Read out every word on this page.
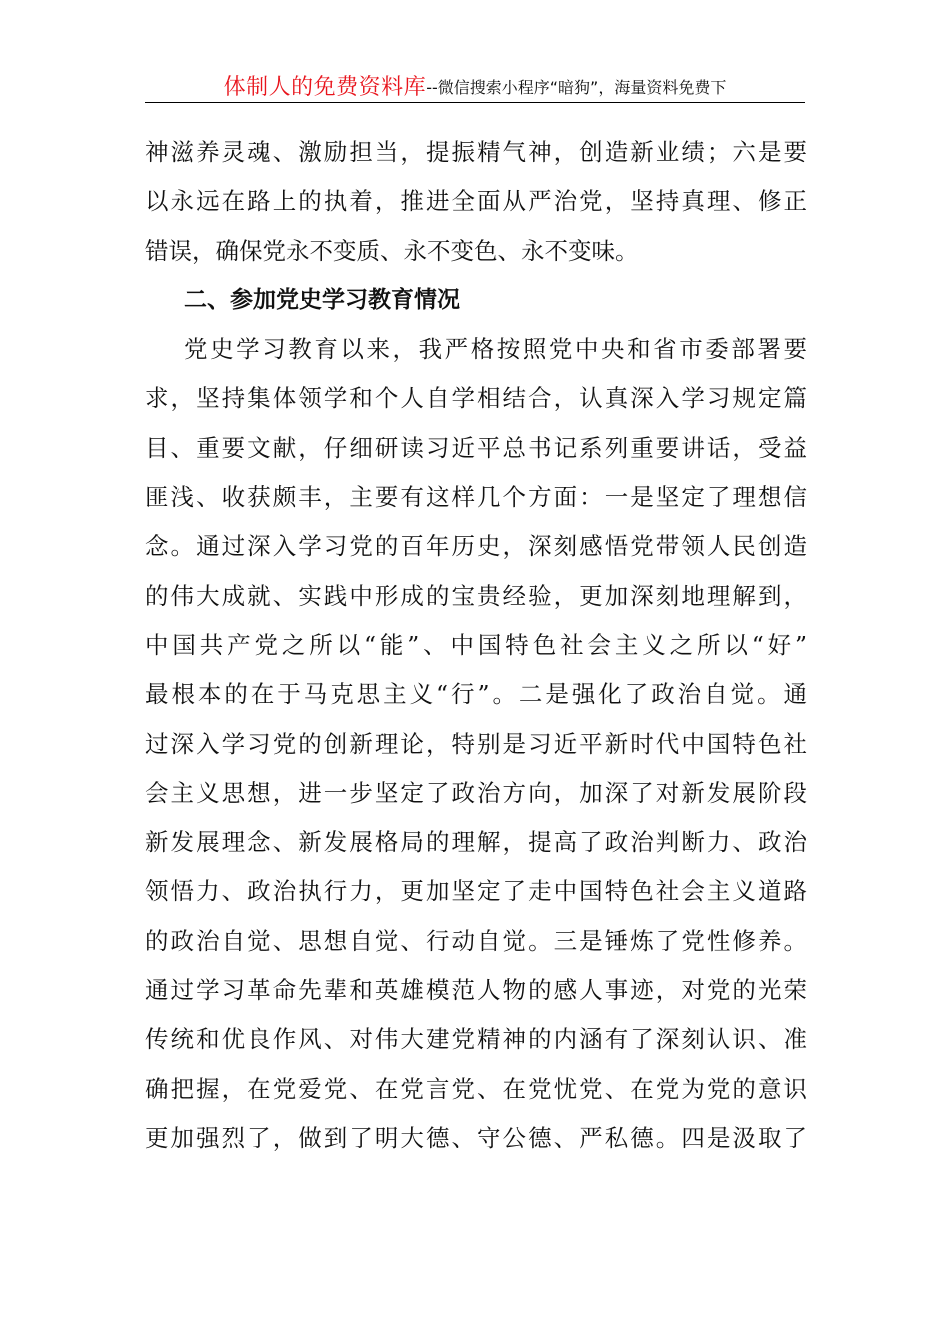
体制人的免费资料库 --微信搜索小程序“暗狗”，海量资料免费下
神滋养灵魂、激励担当，提振精气神，创造新业绩；六是要
以永远在路上的执着，推进全面从严治党，坚持真理、修正
错误，确保党永不变质、永不变色、永不变味。
二、参加党史学习教育情况
党史学习教育以来，我严格按照党中央和省市委部署要
求，坚持集体领学和个人自学相结合，认真深入学习规定篇
目、重要文献，仔细研读习近平总书记系列重要讲话，受益
匪浅、收获颇丰，主要有这样几个方面：一是坚定了理想信
念。通过深入学习党的百年历史，深刻感悟党带领人民创造
的伟大成就、实践中形成的宝贵经验，更加深刻地理解到，
中国共产党之所以“能”、中国特色社会主义之所以“好”
最根本的在于马克思主义“行”。二是强化了政治自觉。通
过深入学习党的创新理论，特别是习近平新时代中国特色社
会主义思想，进一步坚定了政治方向，加深了对新发展阶段
新发展理念、新发展格局的理解，提高了政治判断力、政治
领悟力、政治执行力，更加坚定了走中国特色社会主义道路
的政治自觉、思想自觉、行动自觉。三是锤炼了党性修养。
通过学习革命先辈和英雄模范人物的感人事迹，对党的光荣
传统和优良作风、对伟大建党精神的内涵有了深刻认识、准
确把握，在党爱党、在党言党、在党忧党、在党为党的意识
更加强烈了，做到了明大德、守公德、严私德。四是汲取了
